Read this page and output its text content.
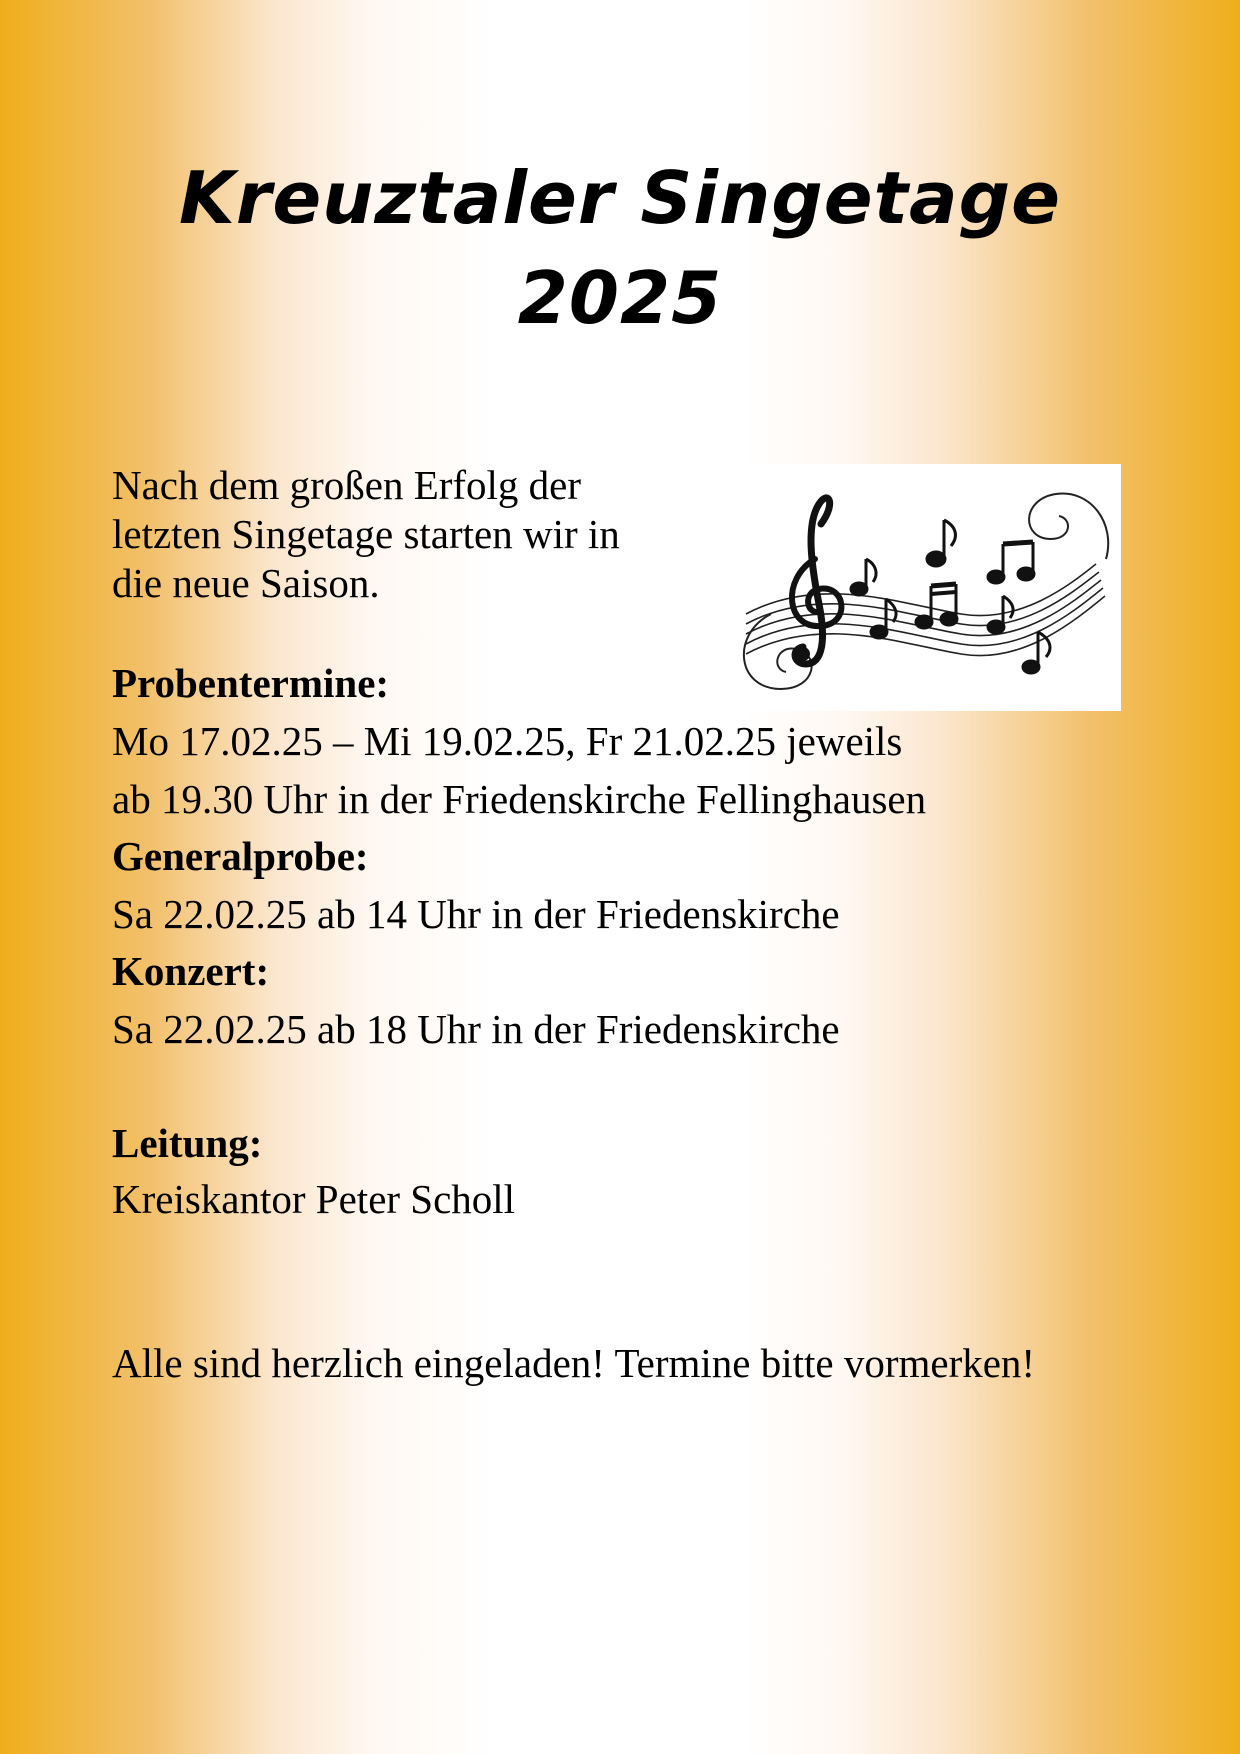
Kreuztaler Singetage
2025
Nach dem großen Erfolg der
letzten Singetage starten wir in
die neue Saison.
Probentermine:
Mo 17.02.25 – Mi 19.02.25, Fr 21.02.25 jeweils
ab 19.30 Uhr in der Friedenskirche Fellinghausen
Generalprobe:
Sa 22.02.25 ab 14 Uhr in der Friedenskirche
Konzert:
Sa 22.02.25 ab 18 Uhr in der Friedenskirche
Leitung:
Kreiskantor Peter Scholl
Alle sind herzlich eingeladen! Termine bitte vormerken!
